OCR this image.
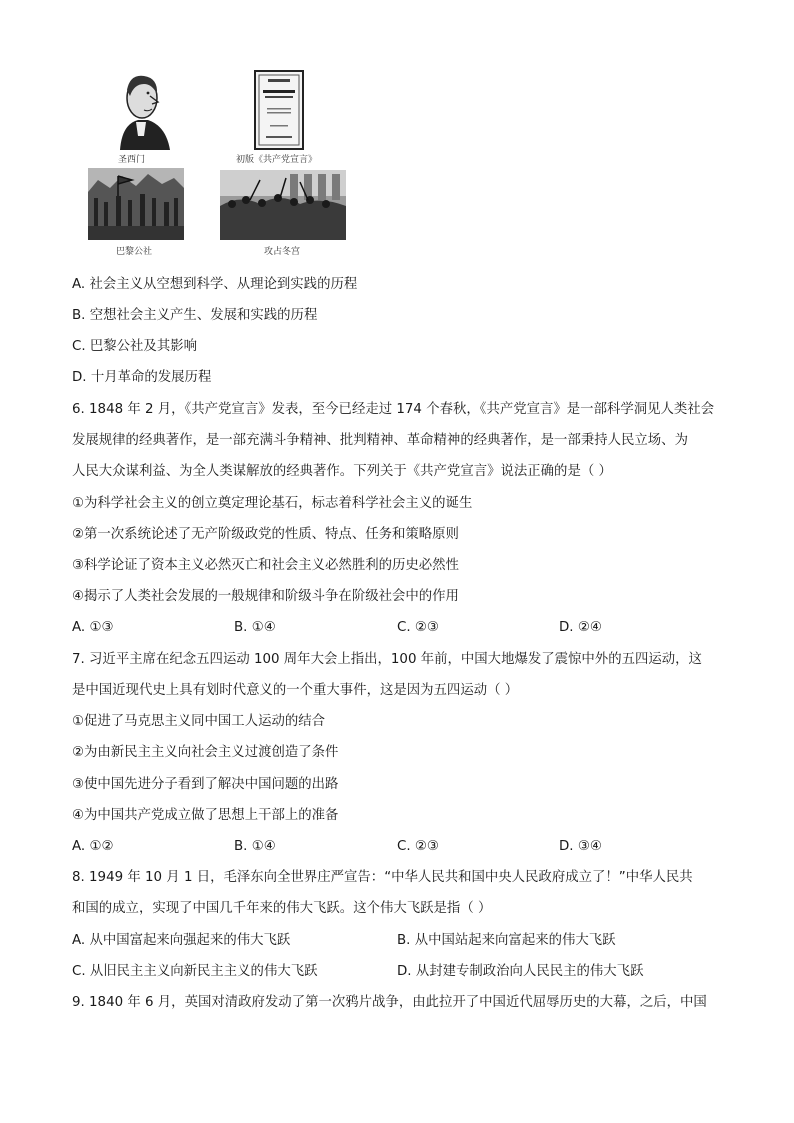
圣西门	初版《共产党宣言》
巴黎公社	攻占冬宫
A. 社会主义从空想到科学、从理论到实践的历程
B. 空想社会主义产生、发展和实践的历程
C. 巴黎公社及其影响
D. 十月革命的发展历程
6. 1848 年 2 月，《共产党宣言》发表，至今已经走过 174 个春秋，《共产党宣言》是一部科学洞见人类社会
发展规律的经典著作，是一部充满斗争精神、批判精神、革命精神的经典著作，是一部秉持人民立场、为
人民大众谋利益、为全人类谋解放的经典著作。下列关于《共产党宣言》说法正确的是（ ）
①为科学社会主义的创立奠定理论基石，标志着科学社会主义的诞生
②第一次系统论述了无产阶级政党的性质、特点、任务和策略原则
③科学论证了资本主义必然灭亡和社会主义必然胜利的历史必然性
④揭示了人类社会发展的一般规律和阶级斗争在阶级社会中的作用
A. ①③	B. ①④	C. ②③	D. ②④
7. 习近平主席在纪念五四运动 100 周年大会上指出，100 年前，中国大地爆发了震惊中外的五四运动，这
是中国近现代史上具有划时代意义的一个重大事件，这是因为五四运动（ ）
①促进了马克思主义同中国工人运动的结合
②为由新民主主义向社会主义过渡创造了条件
③使中国先进分子看到了解决中国问题的出路
④为中国共产党成立做了思想上干部上的准备
A. ①②	B. ①④	C. ②③	D. ③④
8. 1949 年 10 月 1 日，毛泽东向全世界庄严宣告：“中华人民共和国中央人民政府成立了！”中华人民共
和国的成立，实现了中国几千年来的伟大飞跃。这个伟大飞跃是指（ ）
A. 从中国富起来向强起来的伟大飞跃	B. 从中国站起来向富起来的伟大飞跃
C. 从旧民主主义向新民主主义的伟大飞跃	D. 从封建专制政治向人民民主的伟大飞跃
9. 1840 年 6 月，英国对清政府发动了第一次鸦片战争，由此拉开了中国近代屈辱历史的大幕，之后，中国
